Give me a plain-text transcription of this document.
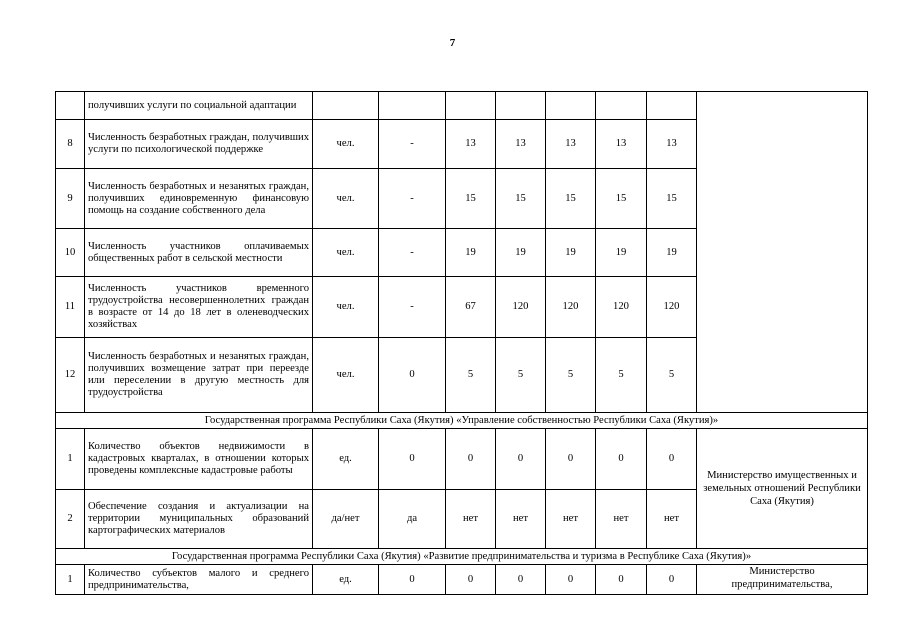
7
	получивших услуги по социальной адаптации								
8	Численность безработных граждан, получивших услуги по психологической поддержке	чел.	-	13	13	13	13	13	
9	Численность безработных и незанятых граждан, получивших единовременную финансовую помощь на создание собственного дела	чел.	-	15	15	15	15	15	
10	Численность участников оплачиваемых общественных работ в сельской местности	чел.	-	19	19	19	19	19	
11	Численность участников временного трудоустройства несовершеннолетних граждан в возрасте от 14 до 18 лет в оленеводческих хозяйствах	чел.	-	67	120	120	120	120	
12	Численность безработных и незанятых граждан, получивших возмещение затрат при переезде или переселении в другую местность для трудоустройства	чел.	0	5	5	5	5	5	
Государственная программа Республики Саха (Якутия) «Управление собственностью Республики Саха (Якутия)»									
1	Количество объектов недвижимости в кадастровых кварталах, в отношении которых проведены комплексные кадастровые работы	ед.	0	0	0	0	0	0	Министерство имущественных и земельных отношений Республики Саха (Якутия)
2	Обеспечение создания и актуализации на территории муниципальных образований картографических материалов	да/нет	да	нет	нет	нет	нет	нет	
Государственная программа Республики Саха (Якутия) «Развитие предпринимательства и туризма в Республике Саха (Якутия)»									
1	Количество субъектов малого и среднего предпринимательства,	ед.	0	0	0	0	0	0	Министерство предпринимательства,
